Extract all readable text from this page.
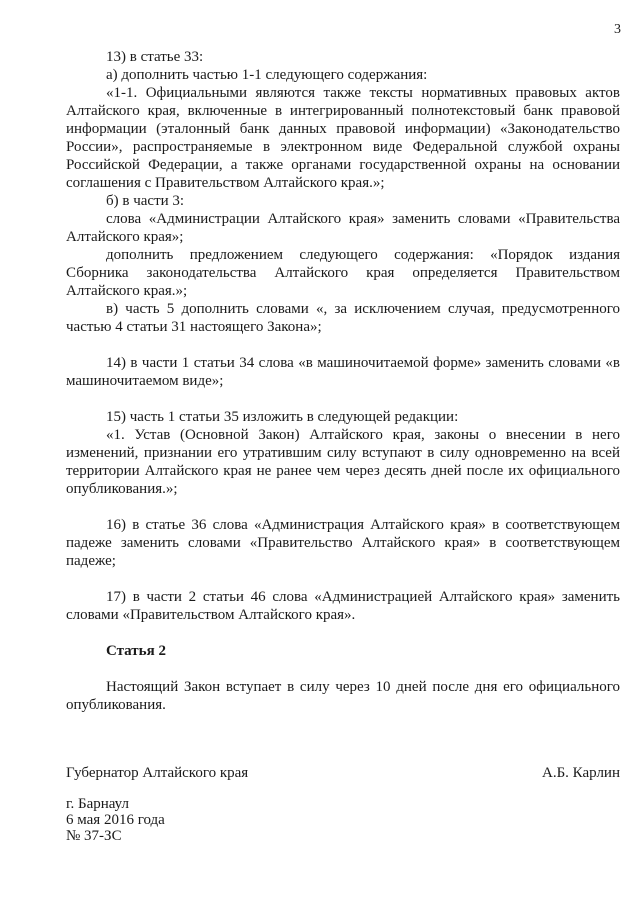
3

13) в статье 33:

а) дополнить частью 1-1 следующего содержания:

«1-1. Официальными являются также тексты нормативных правовых актов Алтайского края, включенные в интегрированный полнотекстовый банк правовой информации (эталонный банк данных правовой информации) «Законодательство России», распространяемые в электронном виде Федеральной службой охраны Российской Федерации, а также органами государственной охраны на основании соглашения с Правительством Алтайского края.»;

б) в части 3:

слова «Администрации Алтайского края» заменить словами «Правительства Алтайского края»;

дополнить предложением следующего содержания: «Порядок издания Сборника законодательства Алтайского края определяется Правительством Алтайского края.»;

в) часть 5 дополнить словами «, за исключением случая, предусмотренного частью 4 статьи 31 настоящего Закона»;

14) в части 1 статьи 34 слова «в машиночитаемой форме» заменить словами «в машиночитаемом виде»;

15) часть 1 статьи 35 изложить в следующей редакции:

«1. Устав (Основной Закон) Алтайского края, законы о внесении в него изменений, признании его утратившим силу вступают в силу одновременно на всей территории Алтайского края не ранее чем через десять дней после их официального опубликования.»;

16) в статье 36 слова «Администрация Алтайского края» в соответствующем падеже заменить словами «Правительство Алтайского края» в соответствующем падеже;

17) в части 2 статьи 46 слова «Администрацией Алтайского края» заменить словами «Правительством Алтайского края».

Статья 2

Настоящий Закон вступает в силу через 10 дней после дня его официального опубликования.

Губернатор Алтайского края	А.Б. Карлин
г. Барнаул
6 мая 2016 года
№ 37-ЗС
